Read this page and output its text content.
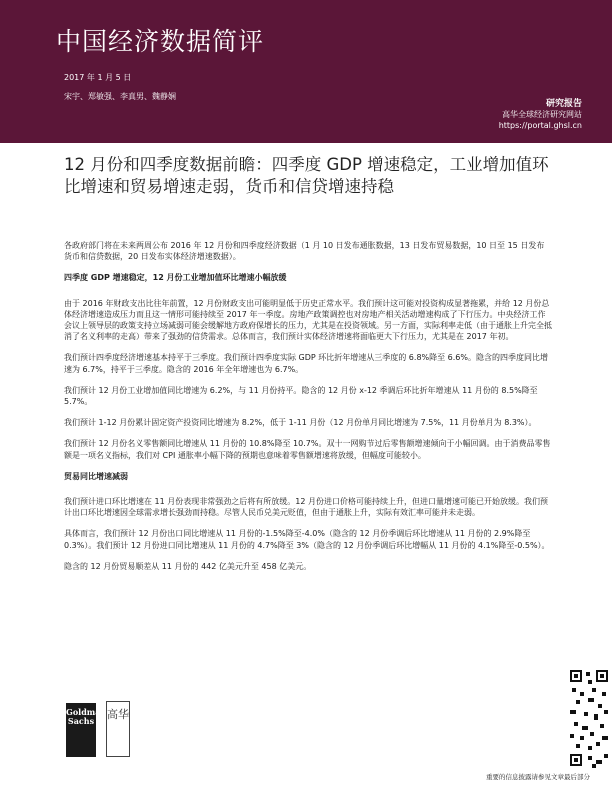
中国经济数据简评
2017 年 1 月 5 日
宋宇、郑敏强、李真男、魏静娴
研究报告
高华全球经济研究网站
https://portal.ghsl.cn
12 月份和四季度数据前瞻：四季度 GDP 增速稳定，工业增加值环比增速和贸易增速走弱，货币和信贷增速持稳

各政府部门将在未来两周公布 2016 年 12 月份和四季度经济数据（1 月 10 日发布通胀数据，13 日发布贸易数据，10 日至 15 日发布货币和信贷数据，20 日发布实体经济增速数据）。

四季度 GDP 增速稳定，12 月份工业增加值环比增速小幅放缓

由于 2016 年财政支出比往年前置，12 月份财政支出可能明显低于历史正常水平。我们预计这可能对投资构成显著拖累，并给 12 月份总体经济增速造成压力而且这一情形可能持续至 2017 年一季度。房地产政策调控也对房地产相关活动增速构成了下行压力。中央经济工作会议上领导层的政策支持立场减弱可能会缓解地方政府保增长的压力，尤其是在投资领域。另一方面，实际利率走低（由于通胀上升完全抵消了名义利率的走高）带来了强劲的信贷需求。总体而言，我们预计实体经济增速将面临更大下行压力，尤其是在 2017 年初。

我们预计四季度经济增速基本持平于三季度。我们预计四季度实际 GDP 环比折年增速从三季度的 6.8%降至 6.6%。隐含的四季度同比增速为 6.7%，持平于三季度。隐含的 2016 年全年增速也为 6.7%。

我们预计 12 月份工业增加值同比增速为 6.2%，与 11 月份持平。隐含的 12 月份 x-12 季调后环比折年增速从 11 月份的 8.5%降至 5.7%。

我们预计 1-12 月份累计固定资产投资同比增速为 8.2%，低于 1-11 月份（12 月份单月同比增速为 7.5%，11 月份单月为 8.3%）。

我们预计 12 月份名义零售额同比增速从 11 月份的 10.8%降至 10.7%。双十一网购节过后零售额增速倾向于小幅回调。由于消费品零售额是一项名义指标，我们对 CPI 通胀率小幅下降的预期也意味着零售额增速将放缓，但幅度可能较小。

贸易同比增速减弱

我们预计进口环比增速在 11 月份表现非常强劲之后将有所放缓。12 月份进口价格可能持续上升，但进口量增速可能已开始放缓。我们预计出口环比增速因全球需求增长强劲而持稳。尽管人民币兑美元贬值，但由于通胀上升，实际有效汇率可能并未走弱。

具体而言，我们预计 12 月份出口同比增速从 11 月份的-1.5%降至-4.0%（隐含的 12 月份季调后环比增速从 11 月份的 2.9%降至 0.3%）。我们预计 12 月份进口同比增速从 11 月份的 4.7%降至 3%（隐含的 12 月份季调后环比增幅从 11 月份的 4.1%降至-0.5%）。

隐含的 12 月份贸易顺差从 11 月份的 442 亿美元升至 458 亿美元。

Goldman Sachs 高华
重要的信息披露请参见文章最后部分
